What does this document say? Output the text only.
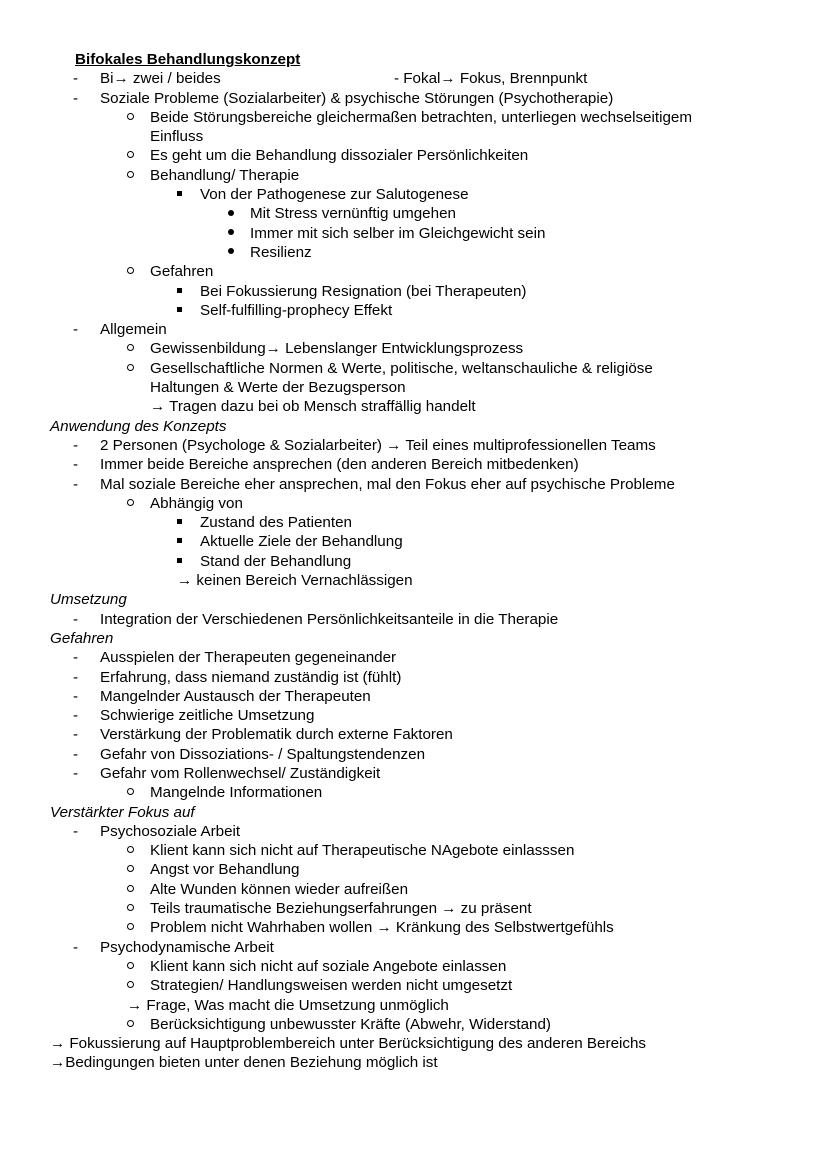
Bifokales Behandlungskonzept
- Bi→ zwei / beides	- Fokal→ Fokus, Brennpunkt
- Soziale Probleme (Sozialarbeiter) & psychische Störungen (Psychotherapie)
Beide Störungsbereiche gleichermaßen betrachten, unterliegen wechselseitigem
Einfluss
Es geht um die Behandlung dissozialer Persönlichkeiten
Behandlung/ Therapie
Von der Pathogenese zur Salutogenese
Mit Stress vernünftig umgehen
Immer mit sich selber im Gleichgewicht sein
Resilienz
Gefahren
Bei Fokussierung Resignation (bei Therapeuten)
Self-fulfilling-prophecy Effekt
- Allgemein
Gewissenbildung→ Lebenslanger Entwicklungsprozess
Gesellschaftliche Normen & Werte, politische, weltanschauliche & religiöse
Haltungen & Werte der Bezugsperson
→ Tragen dazu bei ob Mensch straffällig handelt
Anwendung des Konzepts
- 2 Personen (Psychologe & Sozialarbeiter) → Teil eines multiprofessionellen Teams
- Immer beide Bereiche ansprechen (den anderen Bereich mitbedenken)
- Mal soziale Bereiche eher ansprechen, mal den Fokus eher auf psychische Probleme
Abhängig von
Zustand des Patienten
Aktuelle Ziele der Behandlung
Stand der Behandlung
→ keinen Bereich Vernachlässigen
Umsetzung
- Integration der Verschiedenen Persönlichkeitsanteile in die Therapie
Gefahren
- Ausspielen der Therapeuten gegeneinander
- Erfahrung, dass niemand zuständig ist (fühlt)
- Mangelnder Austausch der Therapeuten
- Schwierige zeitliche Umsetzung
- Verstärkung der Problematik durch externe Faktoren
- Gefahr von Dissoziations- / Spaltungstendenzen
- Gefahr vom Rollenwechsel/ Zuständigkeit
Mangelnde Informationen
Verstärkter Fokus auf
- Psychosoziale Arbeit
Klient kann sich nicht auf Therapeutische NAgebote einlasssen
Angst vor Behandlung
Alte Wunden können wieder aufreißen
Teils traumatische Beziehungserfahrungen → zu präsent
Problem nicht Wahrhaben wollen → Kränkung des Selbstwertgefühls
- Psychodynamische Arbeit
Klient kann sich nicht auf soziale Angebote einlassen
Strategien/ Handlungsweisen werden nicht umgesetzt
→ Frage, Was macht die Umsetzung unmöglich
Berücksichtigung unbewusster Kräfte (Abwehr, Widerstand)
→ Fokussierung auf Hauptproblembereich unter Berücksichtigung des anderen Bereichs
→Bedingungen bieten unter denen Beziehung möglich ist
